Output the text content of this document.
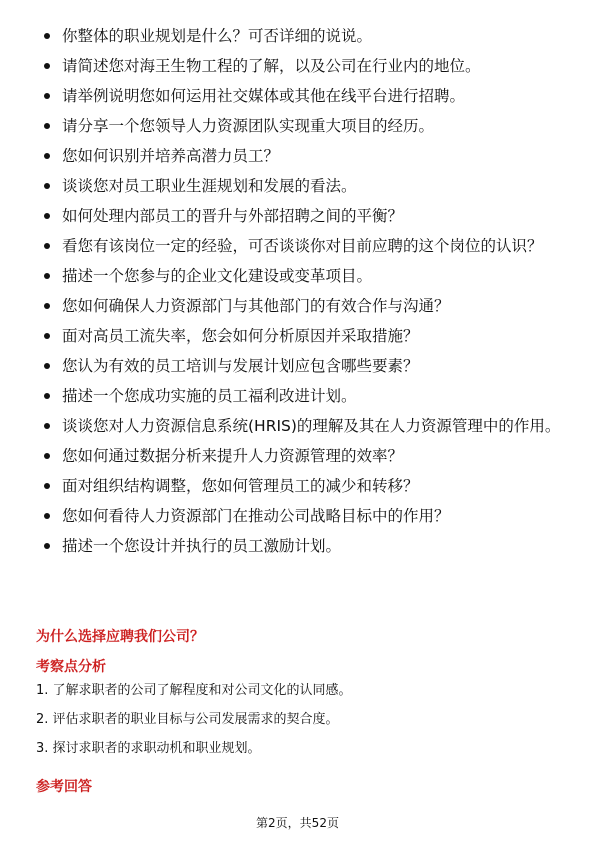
你整体的职业规划是什么？可否详细的说说。
请简述您对海王生物工程的了解，以及公司在行业内的地位。
请举例说明您如何运用社交媒体或其他在线平台进行招聘。
请分享一个您领导人力资源团队实现重大项目的经历。
您如何识别并培养高潜力员工？
谈谈您对员工职业生涯规划和发展的看法。
如何处理内部员工的晋升与外部招聘之间的平衡？
看您有该岗位一定的经验，可否谈谈你对目前应聘的这个岗位的认识？
描述一个您参与的企业文化建设或变革项目。
您如何确保人力资源部门与其他部门的有效合作与沟通？
面对高员工流失率，您会如何分析原因并采取措施？
您认为有效的员工培训与发展计划应包含哪些要素？
描述一个您成功实施的员工福利改进计划。
谈谈您对人力资源信息系统(HRIS)的理解及其在人力资源管理中的作用。
您如何通过数据分析来提升人力资源管理的效率？
面对组织结构调整，您如何管理员工的减少和转移？
您如何看待人力资源部门在推动公司战略目标中的作用？
描述一个您设计并执行的员工激励计划。
为什么选择应聘我们公司？
考察点分析
1. 了解求职者的公司了解程度和对公司文化的认同感。
2. 评估求职者的职业目标与公司发展需求的契合度。
3. 探讨求职者的求职动机和职业规划。
参考回答
第2页，共52页
